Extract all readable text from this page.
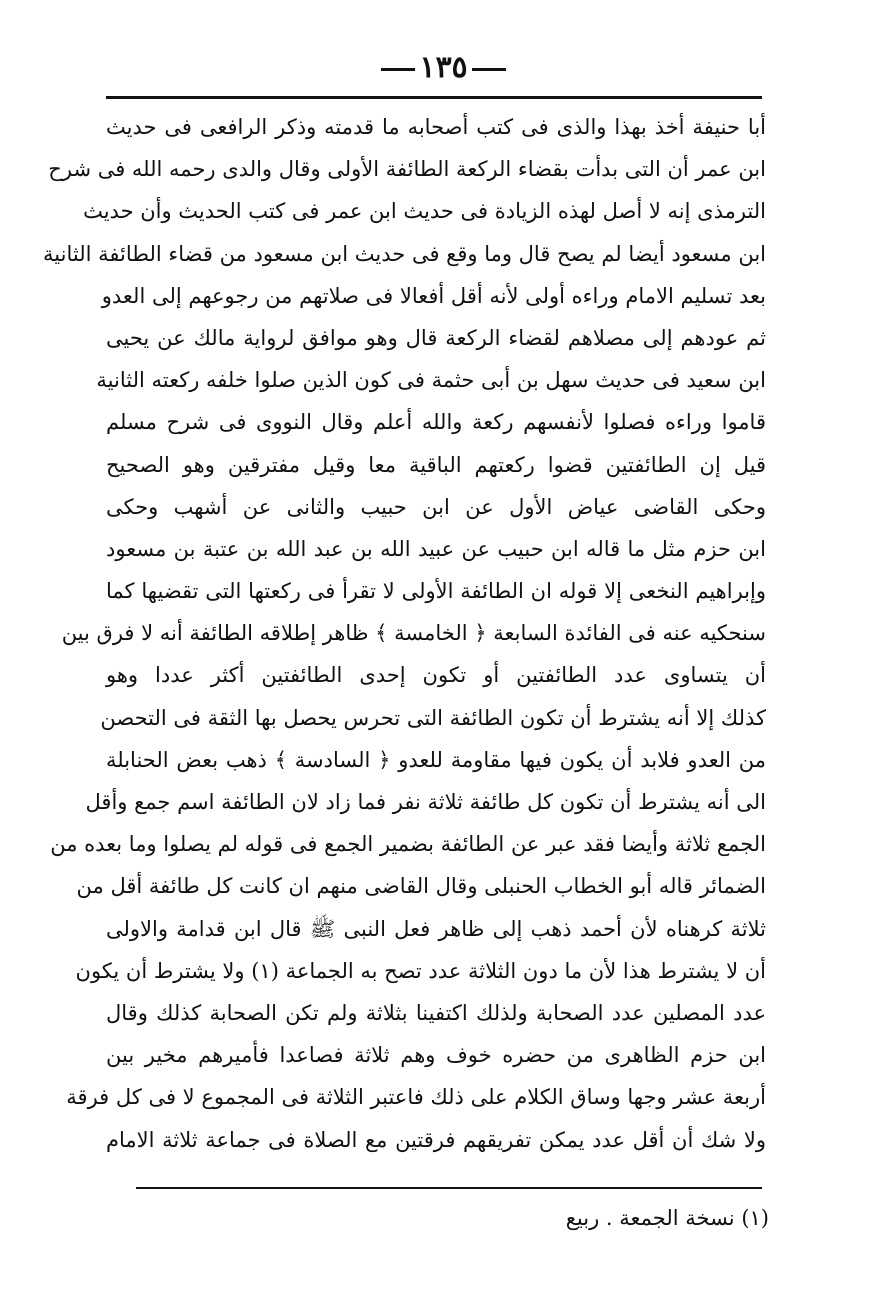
١٣٥
أبا حنيفة أخذ بهذا والذى فى كتب أصحابه ما قدمته وذكر الرافعى فى حديث
ابن عمر أن التى بدأت بقضاء الركعة الطائفة الأولى وقال والدى رحمه الله فى شرح
الترمذى إنه لا أصل لهذه الزيادة فى حديث ابن عمر فى كتب الحديث وأن حديث
ابن مسعود أيضا لم يصح قال وما وقع فى حديث ابن مسعود من قضاء الطائفة الثانية
بعد تسليم الامام وراءه أولى لأنه أقل أفعالا فى صلاتهم من رجوعهم إلى العدو
ثم عودهم إلى مصلاهم لقضاء الركعة قال وهو موافق لرواية مالك عن يحيى
ابن سعيد فى حديث سهل بن أبى حثمة فى كون الذين صلوا خلفه ركعته الثانية
قاموا وراءه فصلوا لأنفسهم ركعة والله أعلم وقال النووى فى شرح مسلم
قيل إن الطائفتين قضوا ركعتهم الباقية معا وقيل مفترقين وهو الصحيح
وحكى القاضى عياض الأول عن ابن حبيب والثانى عن أشهب وحكى
ابن حزم مثل ما قاله ابن حبيب عن عبيد الله بن عبد الله بن عتبة بن مسعود
وإبراهيم النخعى إلا قوله ان الطائفة الأولى لا تقرأ فى ركعتها التى تقضيها كما
سنحكيه عنه فى الفائدة السابعة ﴿ الخامسة ﴾ ظاهر إطلاقه الطائفة أنه لا فرق بين
أن يتساوى عدد الطائفتين أو تكون إحدى الطائفتين أكثر عددا وهو
كذلك إلا أنه يشترط أن تكون الطائفة التى تحرس يحصل بها الثقة فى التحصن
من العدو فلابد أن يكون فيها مقاومة للعدو ﴿ السادسة ﴾ ذهب بعض الحنابلة
الى أنه يشترط أن تكون كل طائفة ثلاثة نفر فما زاد لان الطائفة اسم جمع وأقل
الجمع ثلاثة وأيضا فقد عبر عن الطائفة بضمير الجمع فى قوله لم يصلوا وما بعده من
الضمائر قاله أبو الخطاب الحنبلى وقال القاضى منهم ان كانت كل طائفة أقل من
ثلاثة كرهناه لأن أحمد ذهب إلى ظاهر فعل النبى ﷺ قال ابن قدامة والاولى
أن لا يشترط هذا لأن ما دون الثلاثة عدد تصح به الجماعة (١) ولا يشترط أن يكون
عدد المصلين عدد الصحابة ولذلك اكتفينا بثلاثة ولم تكن الصحابة كذلك وقال
ابن حزم الظاهرى من حضره خوف وهم ثلاثة فصاعدا فأميرهم مخير بين
أربعة عشر وجها وساق الكلام على ذلك فاعتبر الثلاثة فى المجموع لا فى كل فرقة
ولا شك أن أقل عدد يمكن تفريقهم فرقتين مع الصلاة فى جماعة ثلاثة الامام
(١) نسخة الجمعة . ربيع
